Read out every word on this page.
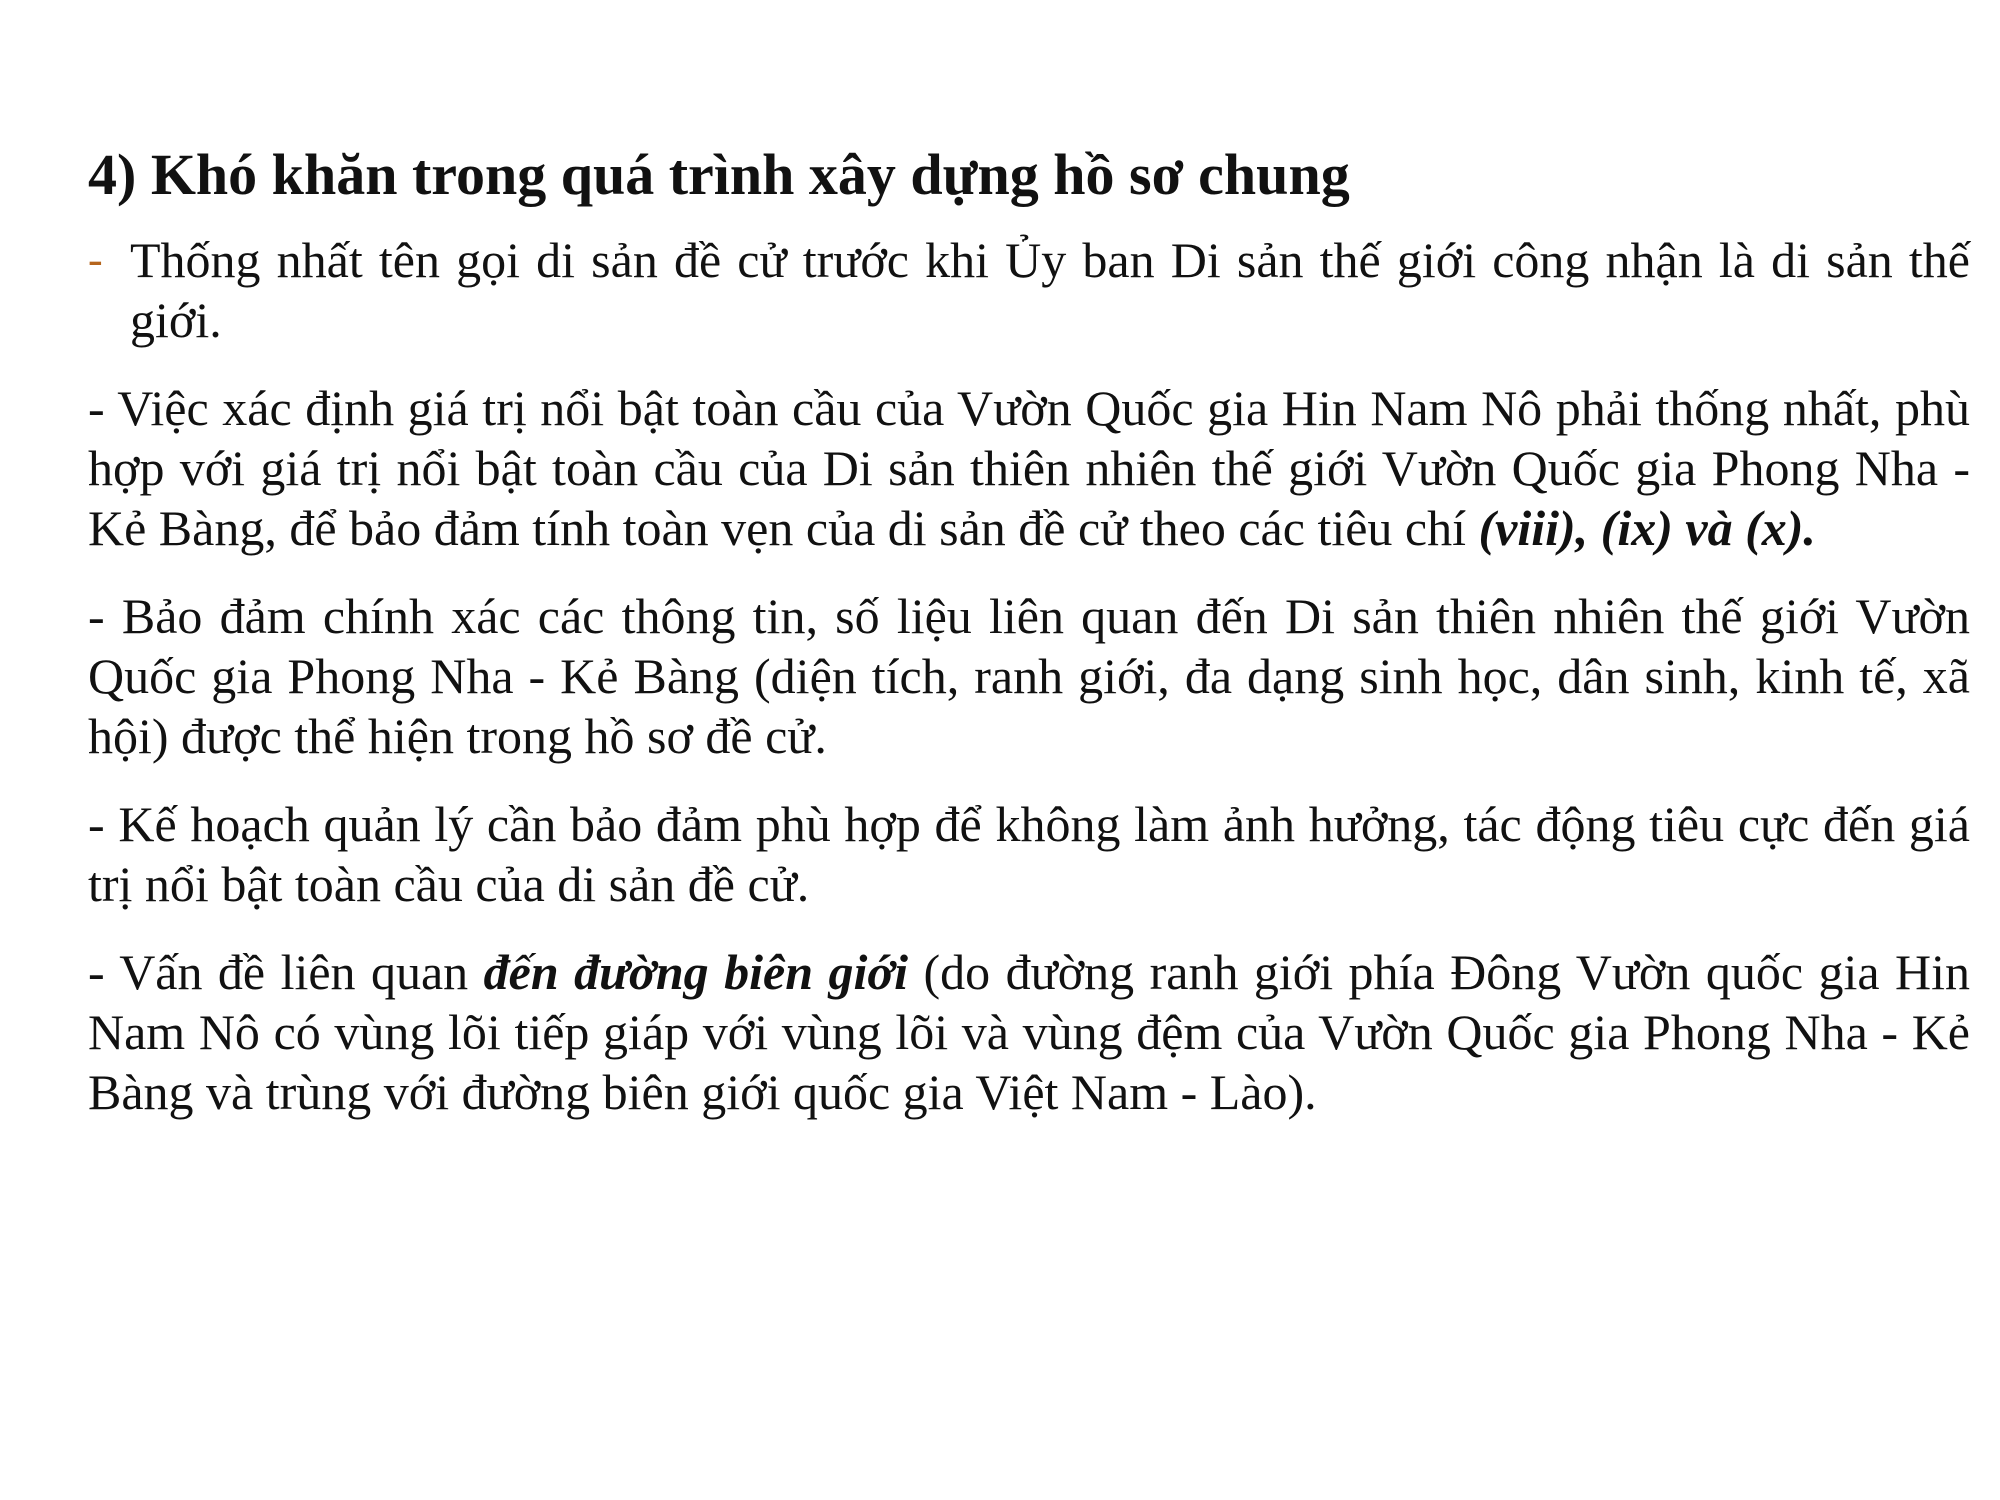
4) Khó khăn trong quá trình xây dựng hồ sơ chung
- Thống nhất tên gọi di sản đề cử trước khi Ủy ban Di sản thế giới công nhận là di sản thế giới.
- Việc xác định giá trị nổi bật toàn cầu của Vườn Quốc gia Hin Nam Nô phải thống nhất, phù hợp với giá trị nổi bật toàn cầu của Di sản thiên nhiên thế giới Vườn Quốc gia Phong Nha - Kẻ Bàng, để bảo đảm tính toàn vẹn của di sản đề cử theo các tiêu chí (viii), (ix) và (x).
- Bảo đảm chính xác các thông tin, số liệu liên quan đến Di sản thiên nhiên thế giới Vườn Quốc gia Phong Nha - Kẻ Bàng (diện tích, ranh giới, đa dạng sinh học, dân sinh, kinh tế, xã hội) được thể hiện trong hồ sơ đề cử.
- Kế hoạch quản lý cần bảo đảm phù hợp để không làm ảnh hưởng, tác động tiêu cực đến giá trị nổi bật toàn cầu của di sản đề cử.
- Vấn đề liên quan đến đường biên giới (do đường ranh giới phía Đông Vườn quốc gia Hin Nam Nô có vùng lõi tiếp giáp với vùng lõi và vùng đệm của Vườn Quốc gia Phong Nha - Kẻ Bàng và trùng với đường biên giới quốc gia Việt Nam - Lào).
